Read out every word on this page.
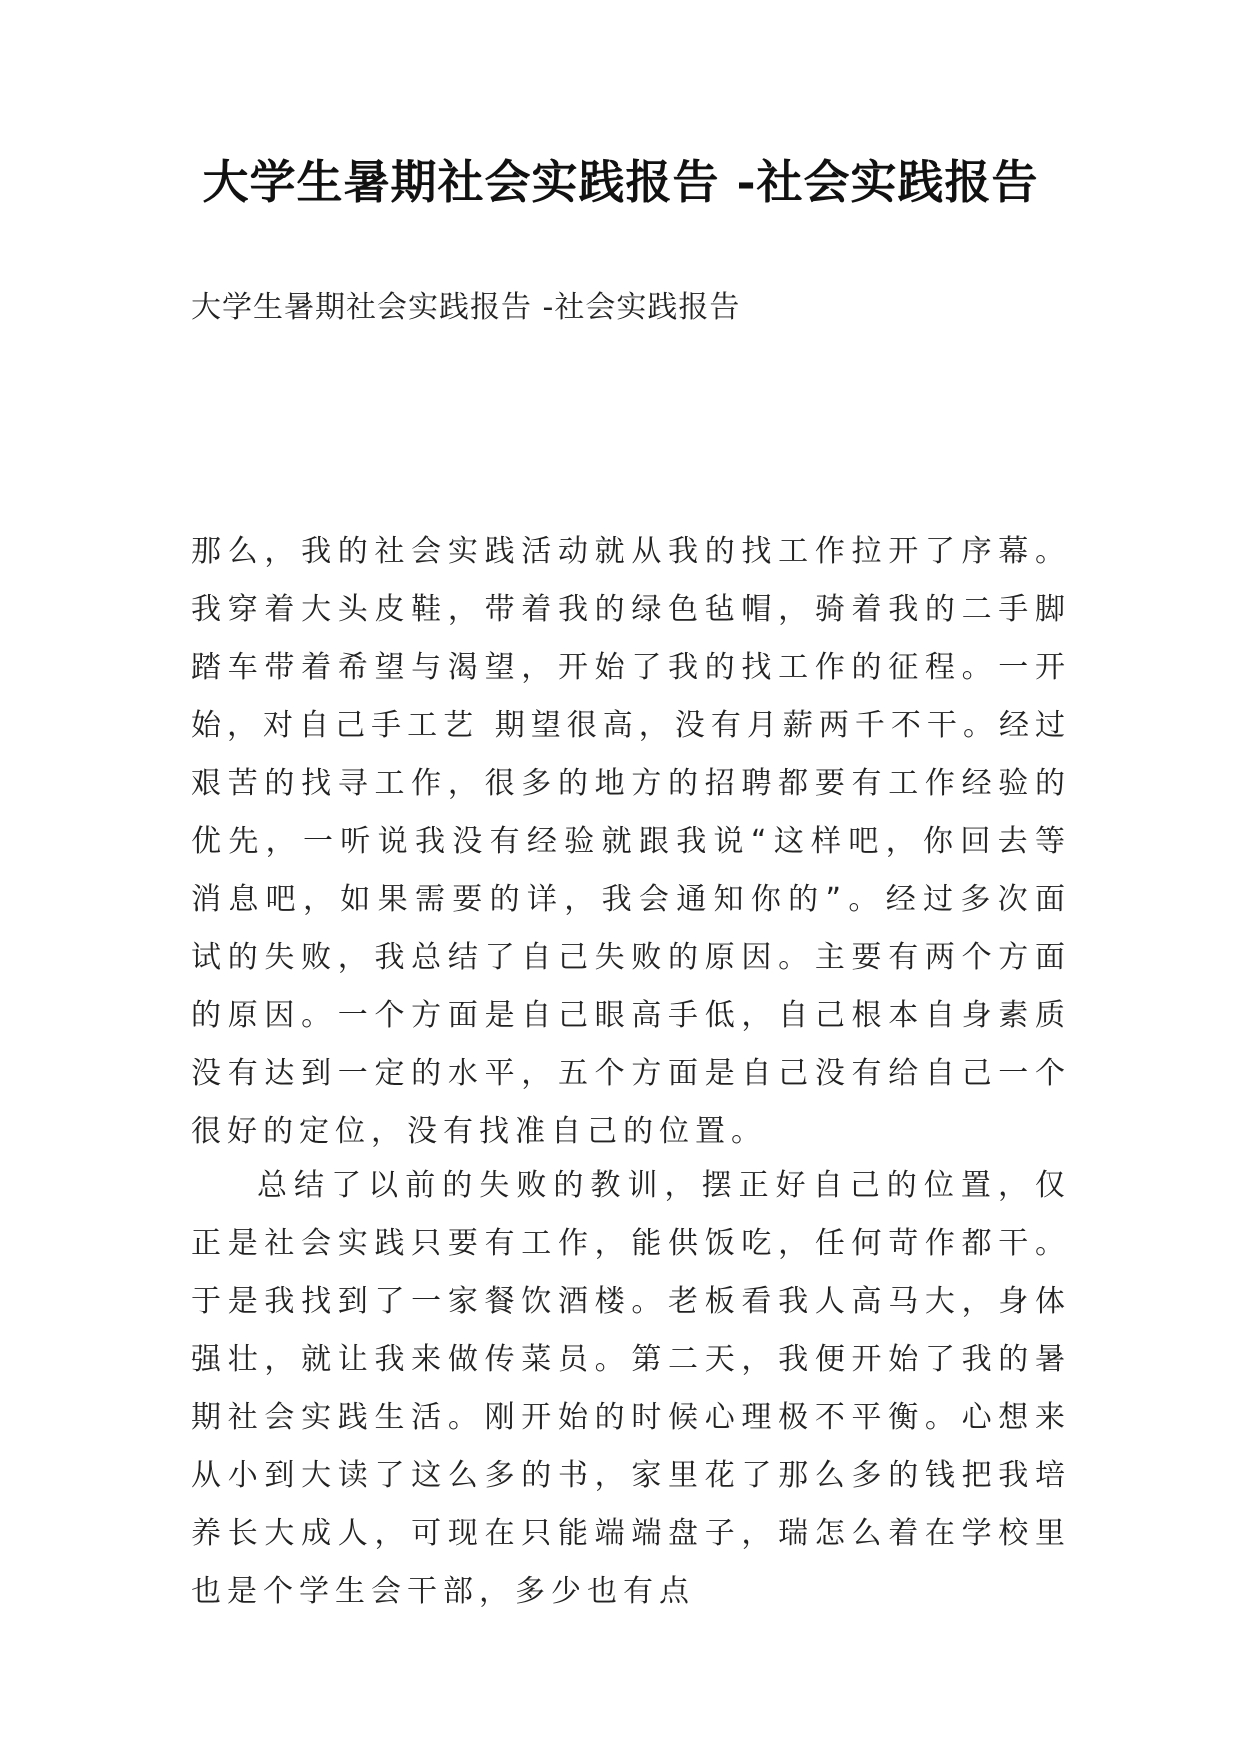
大学生暑期社会实践报告 -社会实践报告

大学生暑期社会实践报告 -社会实践报告

那么，我的社会实践活动就从我的找工作拉开了序幕。我穿着大头皮鞋，带着我的绿色毡帽，骑着我的二手脚踏车带着希望与渴望，开始了我的找工作的征程。一开始，对自己手工艺 期望很高，没有月薪两千不干。经过艰苦的找寻工作，很多的地方的招聘都要有工作经验的优先，一听说我没有经验就跟我说“这样吧，你回去等消息吧，如果需要的详，我会通知你的”。经过多次面试的失败，我总结了自己失败的原因。主要有两个方面的原因。一个方面是自己眼高手低，自己根本自身素质没有达到一定的水平，五个方面是自己没有给自己一个很好的定位，没有找准自己的位置。

总结了以前的失败的教训，摆正好自己的位置，仅正是社会实践只要有工作，能供饭吃，任何苛作都干。于是我找到了一家餐饮酒楼。老板看我人高马大，身体强壮，就让我来做传菜员。第二天，我便开始了我的暑期社会实践生活。刚开始的时候心理极不平衡。心想来从小到大读了这么多的书，家里花了那么多的钱把我培养长大成人，可现在只能端端盘子，瑞怎么着在学校里也是个学生会干部，多少也有点
